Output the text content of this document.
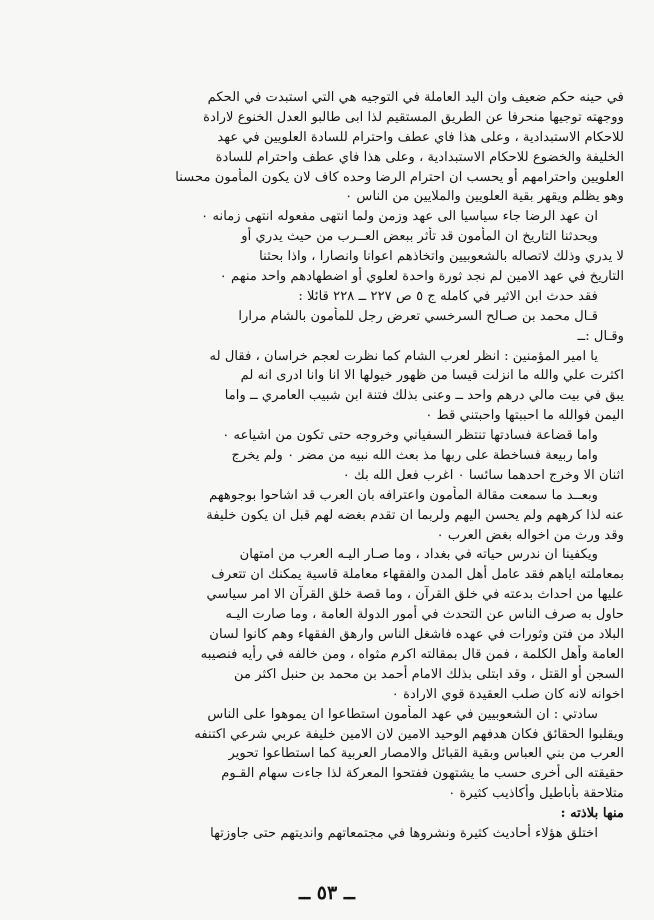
في حينه حكم ضعيف وان اليد العاملة في التوجيه هي التي استبدت في الحكم
ووجهته توجيها منحرفا عن الطريق المستقيم لذا ابى طالبو العدل الخنوع لارادة
للاحكام الاستبدادية ، وعلى هذا فاي عطف واحترام للسادة العلويين في عهد
الخليفة والخضوع للاحكام الاستبدادية ، وعلى هذا فاي عطف واحترام للسادة
العلويين واحترامهم أو يحسب ان احترام الرضا وحده كاف لان يكون المأمون محسنا
وهو يظلم ويقهر بقية العلويين والملايين من الناس ٠
ان عهد الرضا جاء سياسيا الى عهد وزمن ولما انتهى مفعوله انتهى زمانه ٠
ويحدثنا التاريخ ان المأمون قد تأثر ببعض العــرب من حيث يدري أو
لا يدري وذلك لاتصاله بالشعوبيين واتخاذهم اعوانا وانصارا ، واذا بحثنا
التاريخ في عهد الامين لم نجد ثورة واحدة لعلوي أو اضطهادهم واحد منهم ٠
فقد حدث ابن الاثير في كامله ج ٥ ص ٢٢٧ ــ ٢٢٨ قائلا :
قـال محمد بن صـالح السرخسي تعرض رجل للمأمون بالشام مرارا
وقـال :ــ
يا امير المؤمنين : انظر لعرب الشام كما نظرت لعجم خراسان ، فقال له
اكثرت علي والله ما انزلت قيسا من ظهور خيولها الا انا وانا ادرى انه لم
يبق في بيت مالي درهم واحد ــ وعنى بذلك فتنة ابن شبيب العامري ــ واما
اليمن فوالله ما احببتها واحبتني قط ٠
واما قضاعة فسادتها تنتظر السفياني وخروجه حتى تكون من اشياعه ٠
واما ربيعة فساخطة على ربها مذ بعث الله نبيه من مضر ٠ ولم يخرج
اثنان الا وخرج احدهما سائسا ٠ اغرب فعل الله بك ٠
وبعــد ما سمعت مقالة المأمون واعترافه بان العرب قد اشاحوا بوجوههم
عنه لذا كرههم ولم يحسن اليهم ولربما ان تقدم بغضه لهم قبل ان يكون خليفة
وقد ورث من اخواله بغض العرب ٠
ويكفينا ان ندرس حياته في بغداد ، وما صـار اليـه العرب من امتهان
بمعاملته اياهم فقد عامل أهل المدن والفقهاء معاملة قاسية يمكنك ان تتعرف
عليها من احداث بدعته في خلق القرآن ، وما قصة خلق القرآن الا امر سياسي
حاول به صرف الناس عن التحدث في أمور الدولة العامة ، وما صارت اليـه
البلاد من فتن وثورات في عهده فاشغل الناس وارهق الفقهاء وهم كانوا لسان
العامة وأهل الكلمة ، فمن قال بمقالته اكرم مثواه ، ومن خالفه في رأيه فنصيبه
السجن أو القتل ، وقد ابتلى بذلك الامام أحمد بن محمد بن حنبل اكثر من
اخوانه لانه كان صلب العقيدة قوي الارادة ٠
سادتي : ان الشعوبيين في عهد المأمون استطاعوا ان يموهوا على الناس
ويقلبوا الحقائق فكان هدفهم الوحيد الامين لان الامين خليفة عربي شرعي اكتنفه
العرب من بني العباس وبقية القبائل والامصار العربية كما استطاعوا تحوير
حقيقته الى أخرى حسب ما يشتهون ففتحوا المعركة لذا جاءت سهام القـوم
متلاحقة بأباطيل وأكاذيب كثيرة ٠
منها بلاذته :
اختلق هؤلاء أحاديث كثيرة ونشروها في مجتمعاتهم وانديتهم حتى جاوزتها
ــ ٥٣ ــ
